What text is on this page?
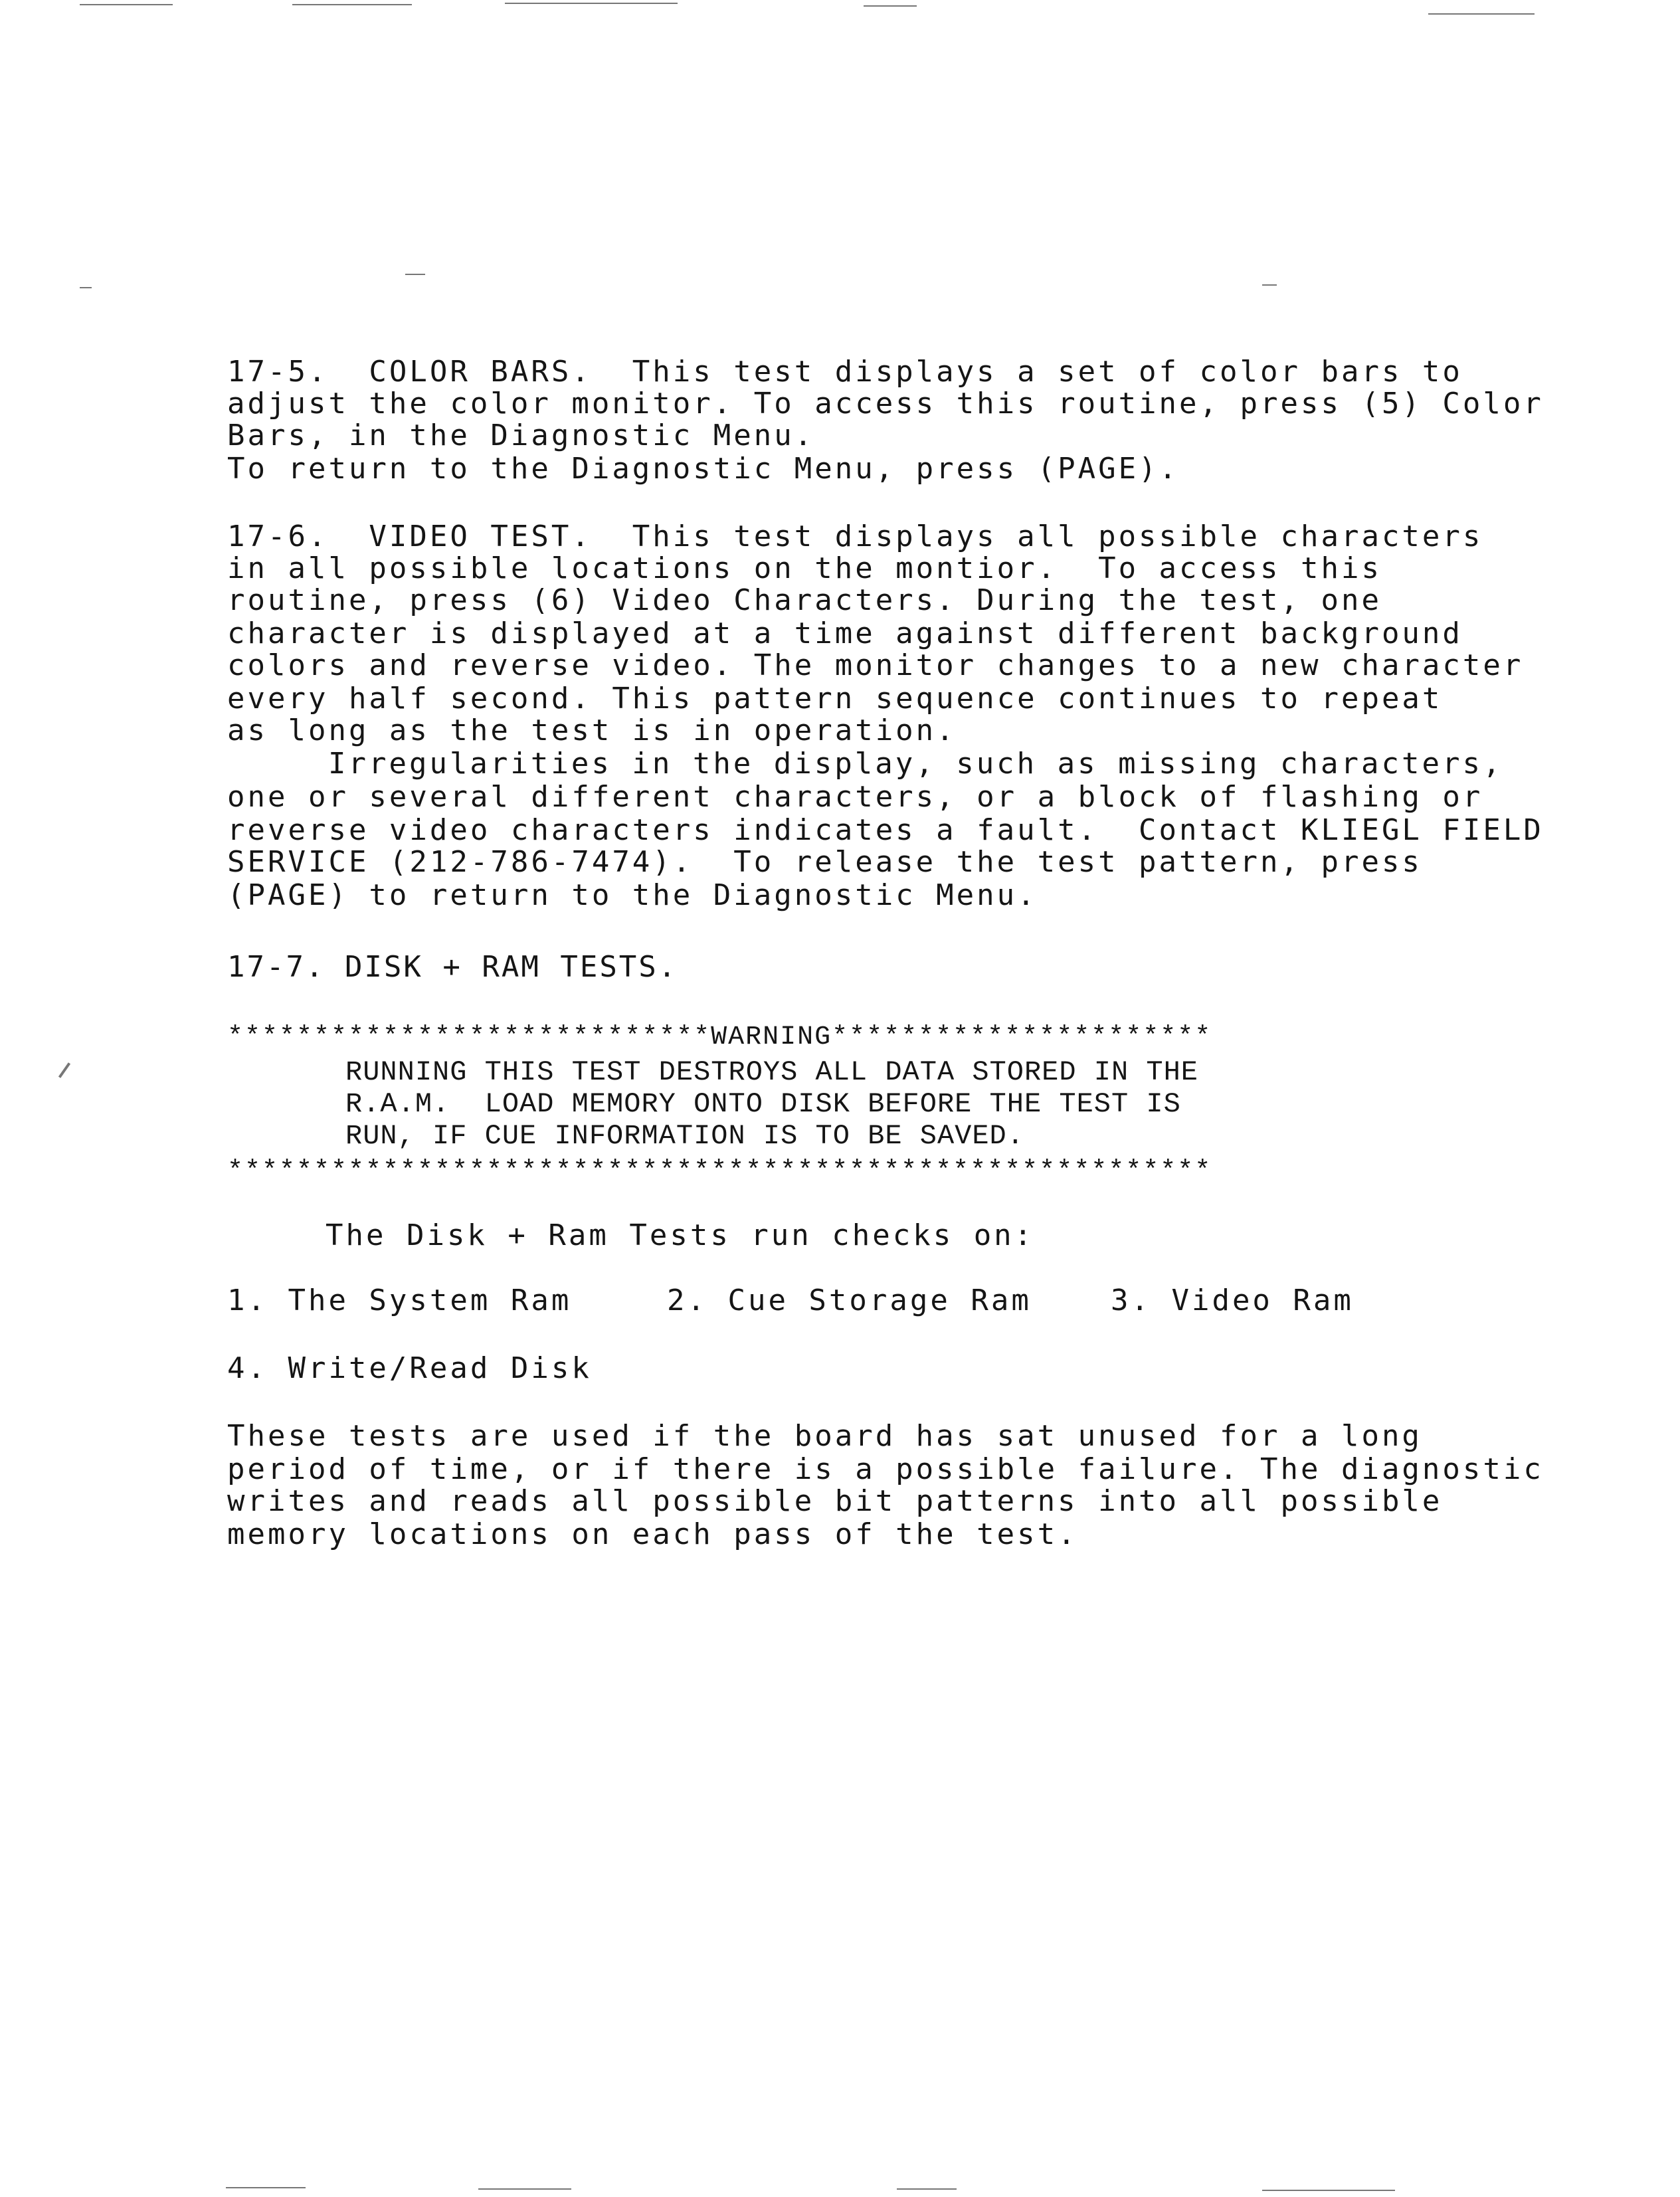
17-5.  COLOR BARS.  This test displays a set of color bars to
adjust the color monitor. To access this routine, press (5) Color
Bars, in the Diagnostic Menu.
To return to the Diagnostic Menu, press (PAGE).
17-6.  VIDEO TEST.  This test displays all possible characters
in all possible locations on the montior.  To access this
routine, press (6) Video Characters. During the test, one
character is displayed at a time against different background
colors and reverse video. The monitor changes to a new character
every half second. This pattern sequence continues to repeat
as long as the test is in operation.
Irregularities in the display, such as missing characters,
one or several different characters, or a block of flashing or
reverse video characters indicates a fault.  Contact KLIEGL FIELD
SERVICE (212-786-7474).  To release the test pattern, press
(PAGE) to return to the Diagnostic Menu.
17-7. DISK + RAM TESTS.
****************************WARNING**********************
RUNNING THIS TEST DESTROYS ALL DATA STORED IN THE
R.A.M.  LOAD MEMORY ONTO DISK BEFORE THE TEST IS
RUN, IF CUE INFORMATION IS TO BE SAVED.
*********************************************************
The Disk + Ram Tests run checks on:
1. The System Ram	2. Cue Storage Ram	3. Video Ram
4. Write/Read Disk
These tests are used if the board has sat unused for a long
period of time, or if there is a possible failure. The diagnostic
writes and reads all possible bit patterns into all possible
memory locations on each pass of the test.
